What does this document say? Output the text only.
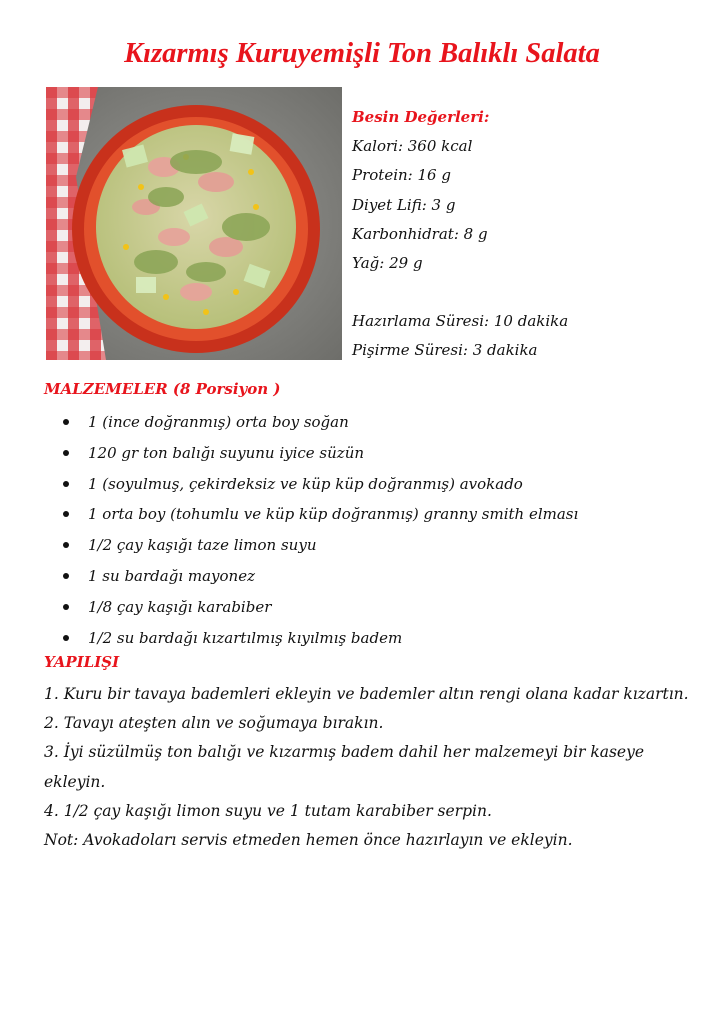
Kızarmış Kuruyemişli Ton Balıklı Salata
Besin Değerleri:
Kalori: 360 kcal
Protein: 16 g
Diyet Lifi: 3 g
Karbonhidrat: 8 g
Yağ: 29 g
Hazırlama Süresi: 10 dakika
Pişirme Süresi: 3 dakika
MALZEMELER (8 Porsiyon )
1 (ince doğranmış) orta boy soğan
120 gr ton balığı suyunu iyice süzün
1 (soyulmuş, çekirdeksiz ve küp küp doğranmış) avokado
1 orta boy (tohumlu ve küp küp doğranmış) granny smith elması
1/2 çay kaşığı taze limon suyu
1 su bardağı mayonez
1/8 çay kaşığı karabiber
1/2 su bardağı kızartılmış kıyılmış badem
YAPILIŞI
1. Kuru bir tavaya bademleri ekleyin ve bademler altın rengi olana kadar kızartın.
2. Tavayı ateşten alın ve soğumaya bırakın.
3. İyi süzülmüş ton balığı ve kızarmış badem dahil her malzemeyi bir kaseye
ekleyin.
4. 1/2 çay kaşığı limon suyu ve 1 tutam karabiber serpin.
Not: Avokadoları servis etmeden hemen önce hazırlayın ve ekleyin.
